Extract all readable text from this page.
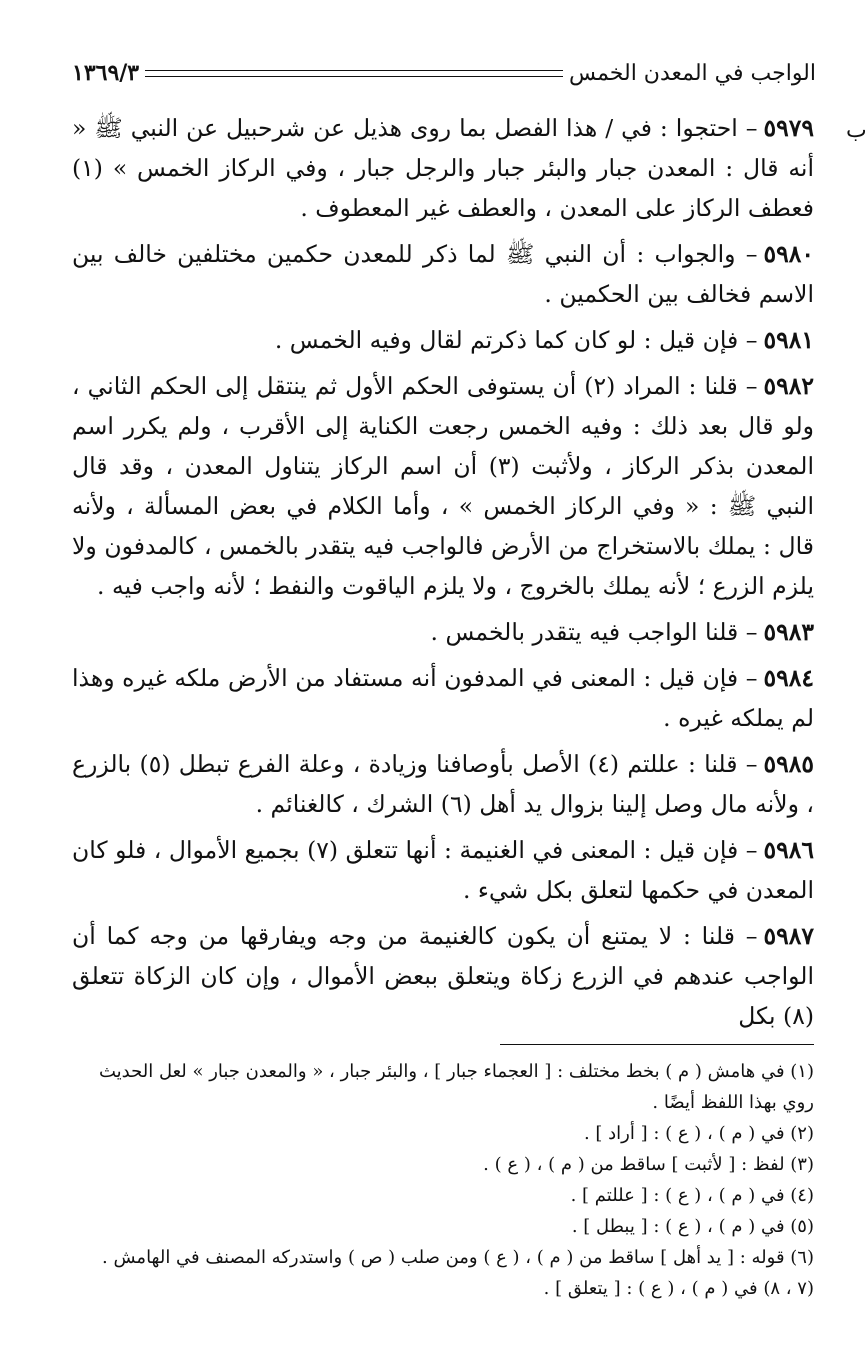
ب
الواجب في المعدن الخمس
١٣٦٩/٣

٥٩٧٩– احتجوا : في / هذا الفصل بما روى هذيل عن شرحبيل عن النبي ﷺ « أنه قال : المعدن جبار والبئر جبار والرجل جبار ، وفي الركاز الخمس » (١) فعطف الركاز على المعدن ، والعطف غير المعطوف .

٥٩٨٠– والجواب : أن النبي ﷺ لما ذكر للمعدن حكمين مختلفين خالف بين الاسم فخالف بين الحكمين .

٥٩٨١– فإن قيل : لو كان كما ذكرتم لقال وفيه الخمس .

٥٩٨٢– قلنا : المراد (٢) أن يستوفى الحكم الأول ثم ينتقل إلى الحكم الثاني ، ولو قال بعد ذلك : وفيه الخمس رجعت الكناية إلى الأقرب ، ولم يكرر اسم المعدن بذكر الركاز ، ولأثبت (٣) أن اسم الركاز يتناول المعدن ، وقد قال النبي ﷺ : « وفي الركاز الخمس » ، وأما الكلام في بعض المسألة ، ولأنه قال : يملك بالاستخراج من الأرض فالواجب فيه يتقدر بالخمس ، كالمدفون ولا يلزم الزرع ؛ لأنه يملك بالخروج ، ولا يلزم الياقوت والنفط ؛ لأنه واجب فيه .

٥٩٨٣– قلنا الواجب فيه يتقدر بالخمس .

٥٩٨٤– فإن قيل : المعنى في المدفون أنه مستفاد من الأرض ملكه غيره وهذا لم يملكه غيره .

٥٩٨٥– قلنا : عللتم (٤) الأصل بأوصافنا وزيادة ، وعلة الفرع تبطل (٥) بالزرع ، ولأنه مال وصل إلينا بزوال يد أهل (٦) الشرك ، كالغنائم .

٥٩٨٦– فإن قيل : المعنى في الغنيمة : أنها تتعلق (٧) بجميع الأموال ، فلو كان المعدن في حكمها لتعلق بكل شيء .

٥٩٨٧– قلنا : لا يمتنع أن يكون كالغنيمة من وجه ويفارقها من وجه كما أن الواجب عندهم في الزرع زكاة ويتعلق ببعض الأموال ، وإن كان الزكاة تتعلق (٨) بكل

(١) في هامش ( م ) بخط مختلف : [ العجماء جبار ] ، والبئر جبار ، « والمعدن جبار » لعل الحديث روي بهذا اللفظ أيضًا .

(٢) في ( م ) ، ( ع ) : [ أراد ] .

(٣) لفظ : [ لأثبت ] ساقط من ( م ) ، ( ع ) .

(٤) في ( م ) ، ( ع ) : [ عللتم ] .

(٥) في ( م ) ، ( ع ) : [ يبطل ] .

(٦) قوله : [ يد أهل ] ساقط من ( م ) ، ( ع ) ومن صلب ( ص ) واستدركه المصنف في الهامش .

(٧ ، ٨) في ( م ) ، ( ع ) : [ يتعلق ] .
